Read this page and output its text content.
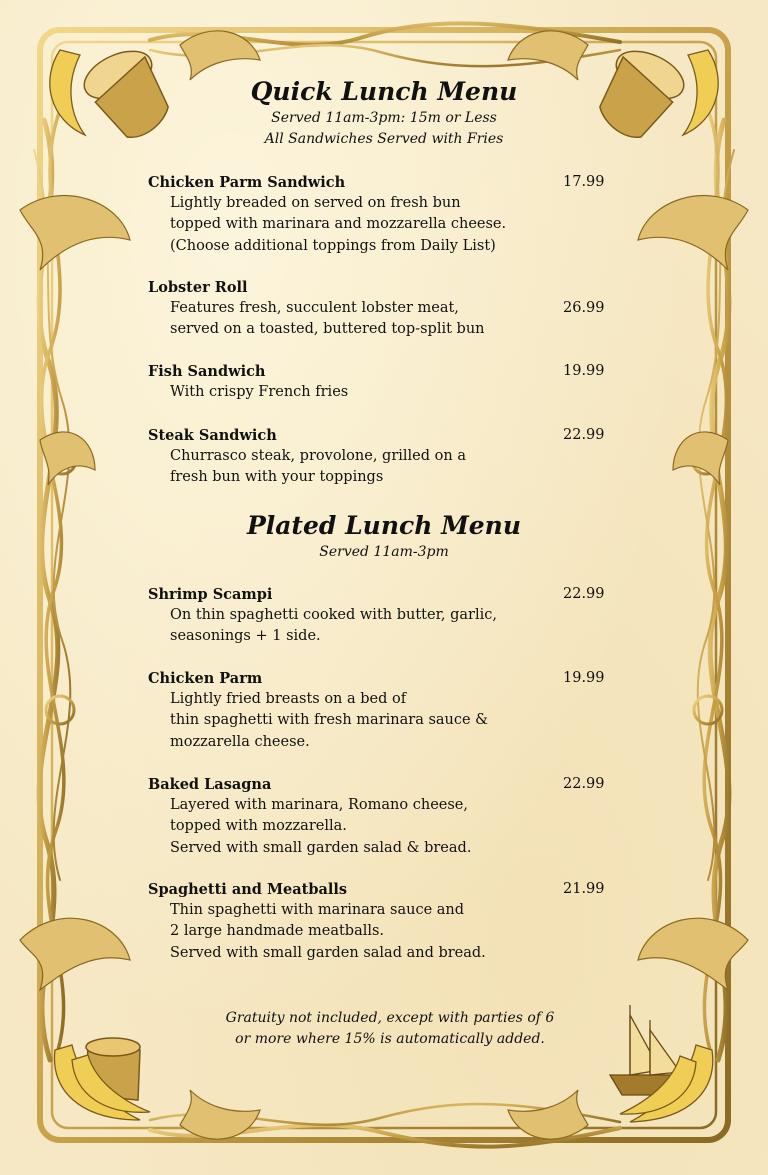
Quick Lunch Menu

Served 11am-3pm: 15m or Less

All Sandwiches Served with Fries

Chicken Parm Sandwich
Lightly breaded on served on fresh bun
topped with marinara and mozzarella cheese.
(Choose additional toppings from Daily List)
17.99
Lobster Roll
Features fresh, succulent lobster meat,
served on a toasted, buttered top-split bun
26.99
Fish Sandwich
With crispy French fries
19.99
Steak Sandwich
Churrasco steak, provolone, grilled on a
fresh bun with your toppings
22.99
Plated Lunch Menu

Served 11am-3pm

Shrimp Scampi
On thin spaghetti cooked with butter, garlic,
seasonings + 1 side.
22.99
Chicken Parm
Lightly fried breasts on a bed of
thin spaghetti with fresh marinara sauce &
mozzarella cheese.
19.99
Baked Lasagna
Layered with marinara, Romano cheese,
topped with mozzarella.
Served with small garden salad & bread.
22.99
Spaghetti and Meatballs
Thin spaghetti with marinara sauce and
2 large handmade meatballs.
Served with small garden salad and bread.
21.99
Gratuity not included, except with parties of 6
or more where 15% is automatically added.
